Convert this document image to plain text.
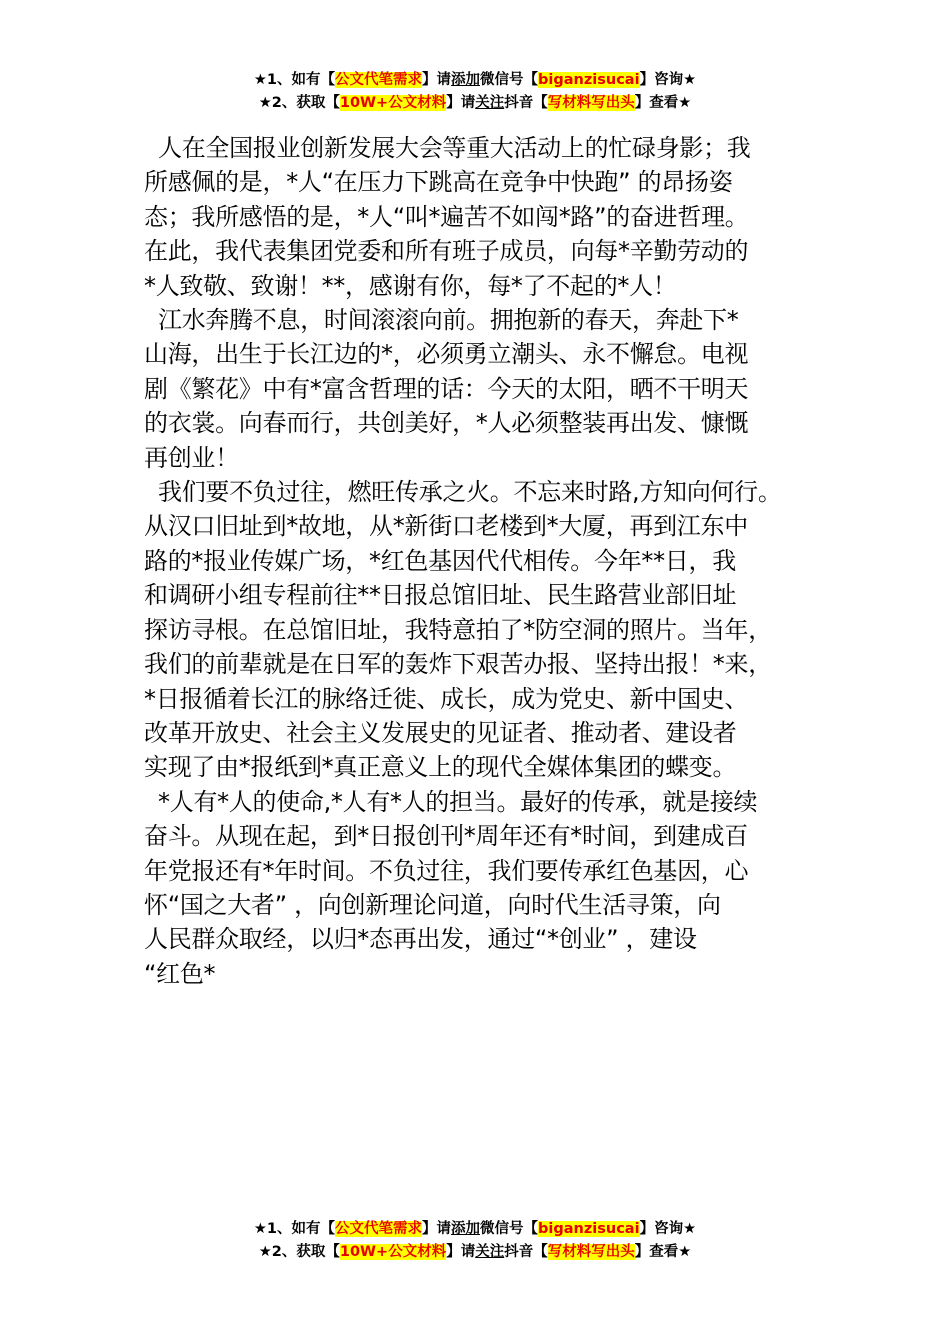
★1、如有【公文代笔需求】请添加微信号【biganzisucai】咨询★
★2、获取【10W+公文材料】请关注抖音【写材料写出头】查看★

人在全国报业创新发展大会等重大活动上的忙碌身影；我
所感佩的是，*人“在压力下跳高在竞争中快跑” 的昂扬姿
态；我所感悟的是，*人“叫*遍苦不如闯*路”的奋进哲理。
在此，我代表集团党委和所有班子成员，向每*辛勤劳动的
*人致敬、致谢！**，感谢有你，每*了不起的*人！

江水奔腾不息，时间滚滚向前。拥抱新的春天，奔赴下*
山海，出生于长江边的*，必须勇立潮头、永不懈怠。电视
剧《繁花》中有*富含哲理的话：今天的太阳，晒不干明天
的衣裳。向春而行，共创美好，*人必须整装再出发、慷慨
再创业！

我们要不负过往，燃旺传承之火。不忘来时路,方知向何行。
从汉口旧址到*故地，从*新街口老楼到*大厦，再到江东中
路的*报业传媒广场，*红色基因代代相传。今年**日，我
和调研小组专程前往**日报总馆旧址、民生路营业部旧址
探访寻根。在总馆旧址，我特意拍了*防空洞的照片。当年，
我们的前辈就是在日军的轰炸下艰苦办报、坚持出报！*来，
*日报循着长江的脉络迁徙、成长，成为党史、新中国史、
改革开放史、社会主义发展史的见证者、推动者、建设者
实现了由*报纸到*真正意义上的现代全媒体集团的蝶变。

*人有*人的使命,*人有*人的担当。最好的传承，就是接续
奋斗。从现在起，到*日报创刊*周年还有*时间，到建成百
年党报还有*年时间。不负过往，我们要传承红色基因，心
怀“国之大者” ，向创新理论问道，向时代生活寻策，向
人民群众取经，以归*态再出发，通过“*创业” ，建设
“红色*

★1、如有【公文代笔需求】请添加微信号【biganzisucai】咨询★
★2、获取【10W+公文材料】请关注抖音【写材料写出头】查看★
